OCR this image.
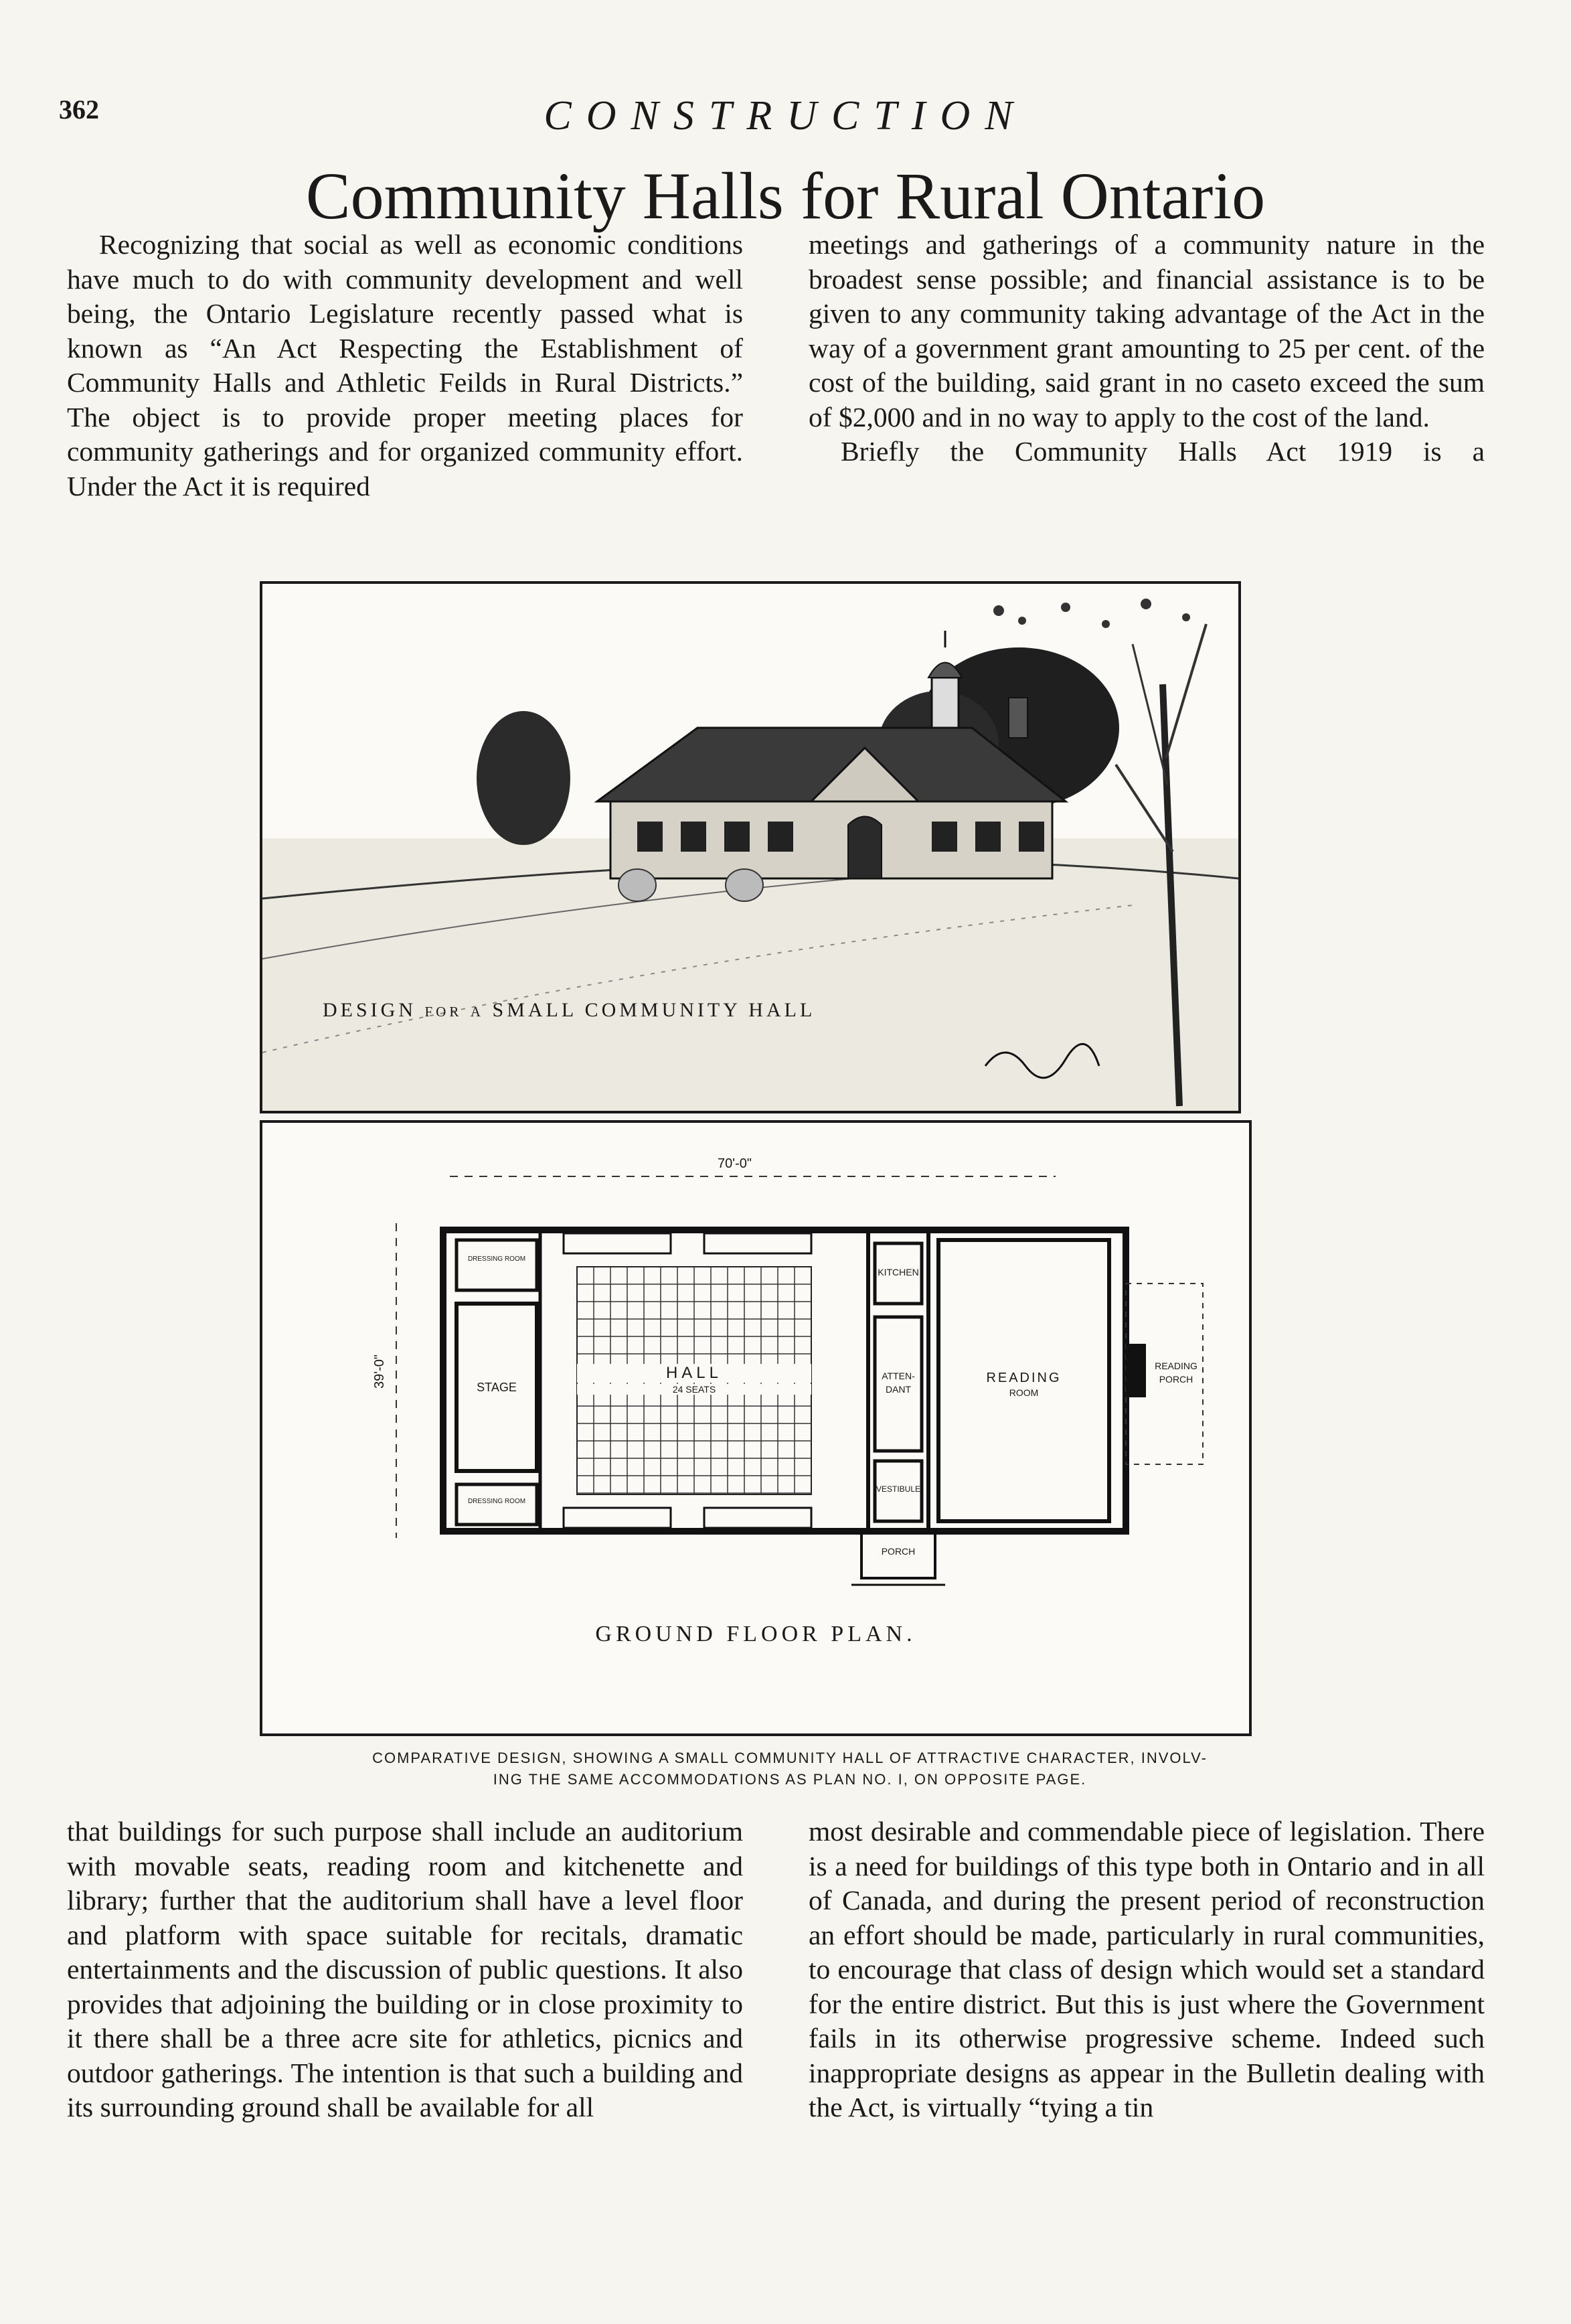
362	CONSTRUCTION
Community Halls for Rural Ontario

Recognizing that social as well as economic conditions have much to do with community development and well being, the Ontario Legislature recently passed what is known as “An Act Respecting the Establishment of Community Halls and Athletic Feilds in Rural Districts.” The object is to provide proper meeting places for community gatherings and for organized community effort. Under the Act it is required

meetings and gatherings of a community nature in the broadest sense possible; and financial assistance is to be given to any community taking advantage of the Act in the way of a government grant amounting to 25 per cent. of the cost of the building, said grant in no caseto exceed the sum of $2,000 and in no way to apply to the cost of the land.

Briefly the Community Halls Act 1919 is a

DESIGN for a SMALL COMMUNITY HALL
70'-0"
39'-0"
DRESSING ROOM
STAGE
DRESSING ROOM
HALL
24 SEATS
KITCHEN
ATTEN-
DANT
VESTIBULE
READING
ROOM
READING
PORCH
PORCH
GROUND FLOOR PLAN.
COMPARATIVE DESIGN, SHOWING A SMALL COMMUNITY HALL OF ATTRACTIVE CHARACTER, INVOLV-
ING THE SAME ACCOMMODATIONS AS PLAN NO. I, ON OPPOSITE PAGE.

that buildings for such purpose shall include an auditorium with movable seats, reading room and kitchenette and library; further that the auditorium shall have a level floor and platform with space suitable for recitals, dramatic entertainments and the discussion of public questions. It also provides that adjoining the building or in close proximity to it there shall be a three acre site for athletics, picnics and outdoor gatherings. The intention is that such a building and its surrounding ground shall be available for all

most desirable and commendable piece of legislation. There is a need for buildings of this type both in Ontario and in all of Canada, and during the present period of reconstruction an effort should be made, particularly in rural communities, to encourage that class of design which would set a standard for the entire district. But this is just where the Government fails in its otherwise progressive scheme. Indeed such inappropriate designs as appear in the Bulletin dealing with the Act, is virtually “tying a tin
